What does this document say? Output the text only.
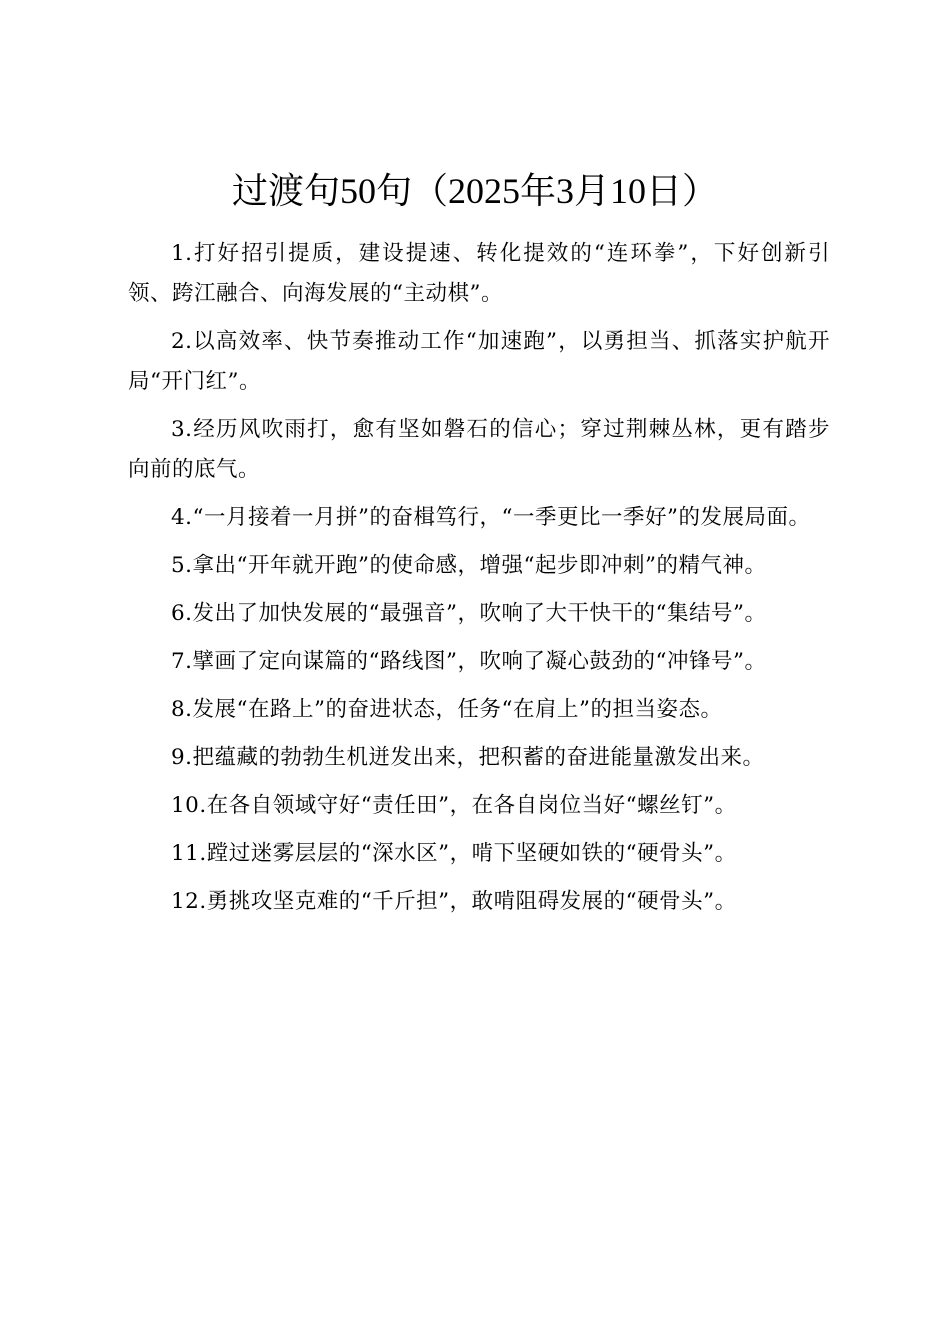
过渡句50句（2025年3月10日）

1.打好招引提质，建设提速、转化提效的“连环拳”，下好创新引领、跨江融合、向海发展的“主动棋”。

2.以高效率、快节奏推动工作“加速跑”，以勇担当、抓落实护航开局“开门红”。

3.经历风吹雨打，愈有坚如磐石的信心；穿过荆棘丛林，更有踏步向前的底气。

4.“一月接着一月拼”的奋楫笃行，“一季更比一季好”的发展局面。

5.拿出“开年就开跑”的使命感，增强“起步即冲刺”的精气神。

6.发出了加快发展的“最强音”，吹响了大干快干的“集结号”。

7.擘画了定向谋篇的“路线图”，吹响了凝心鼓劲的“冲锋号”。

8.发展“在路上”的奋进状态，任务“在肩上”的担当姿态。

9.把蕴藏的勃勃生机迸发出来，把积蓄的奋进能量激发出来。

10.在各自领域守好“责任田”，在各自岗位当好“螺丝钉”。

11.蹚过迷雾层层的“深水区”，啃下坚硬如铁的“硬骨头”。

12.勇挑攻坚克难的“千斤担”，敢啃阻碍发展的“硬骨头”。
